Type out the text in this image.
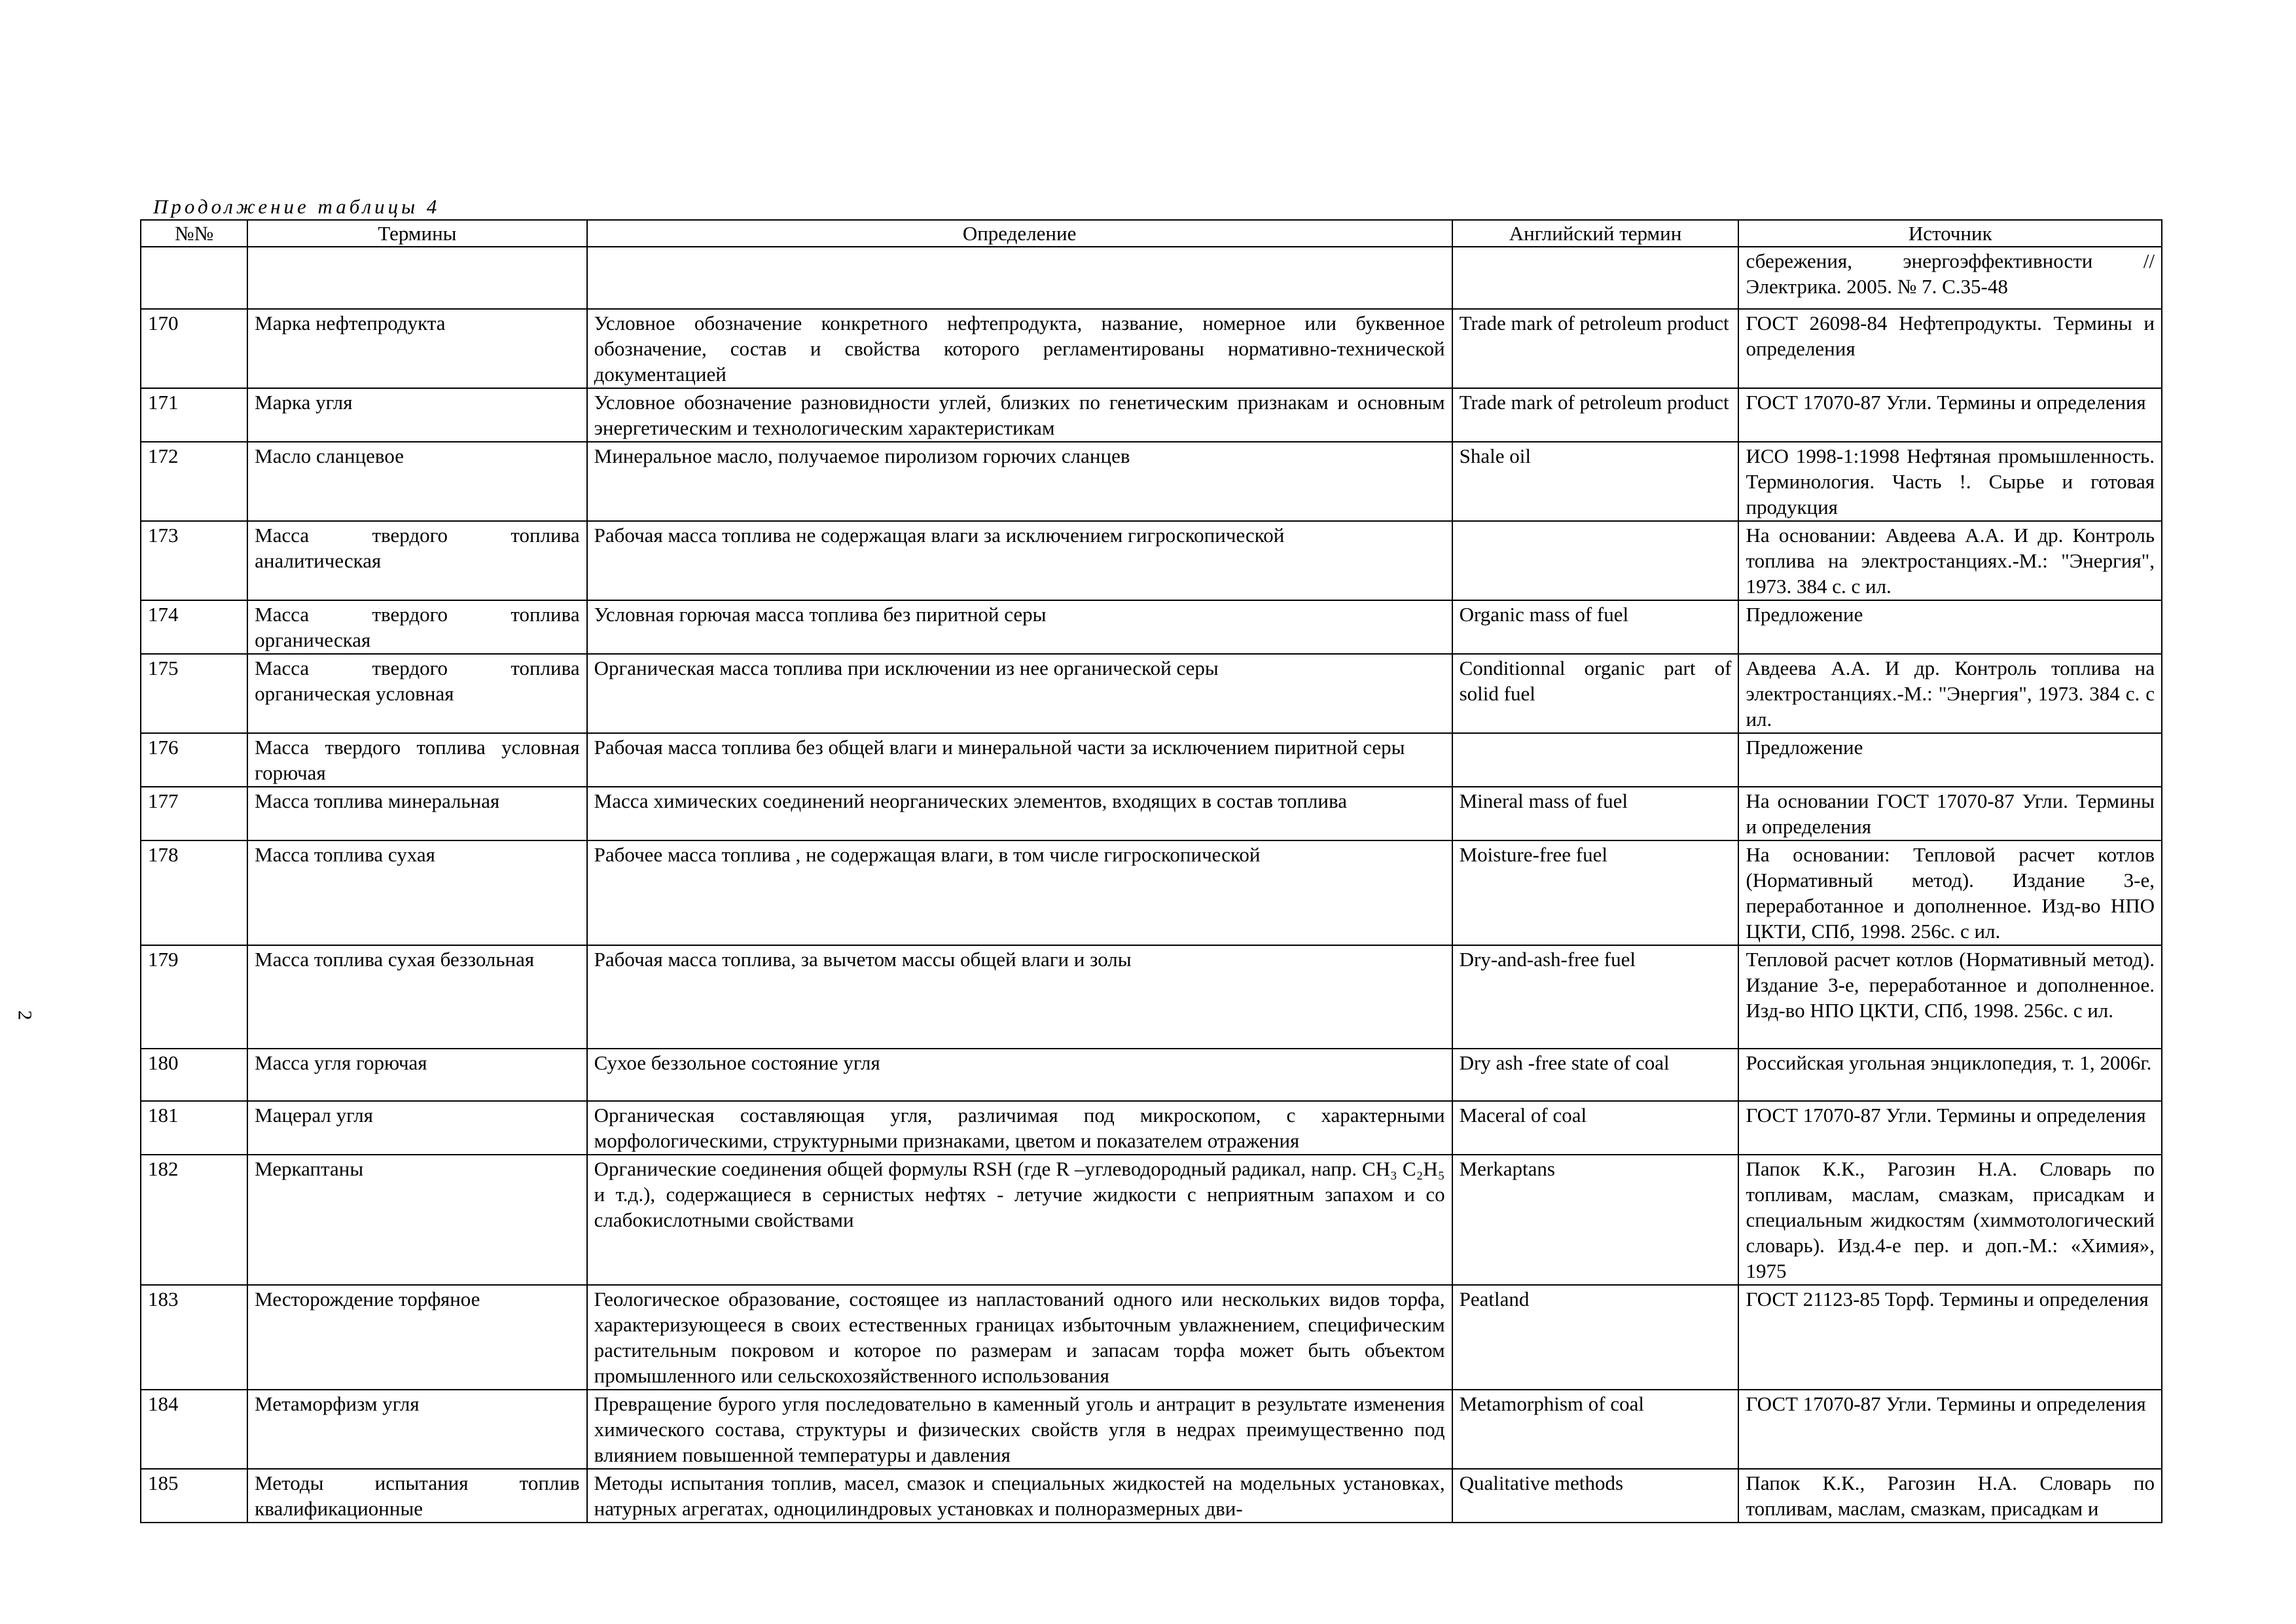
Продолжение таблицы 4
2
№№	Термины	Определение	Английский термин	Источник
				сбережения, энергоэффективности // Электрика. 2005. № 7. С.35-48
170	Марка нефтепродукта	Условное обозначение конкретного нефтепродукта, название, номерное или буквенное обозначение, состав и свойства которого регламентированы нормативно-технической документацией	Trade mark of petroleum product	ГОСТ 26098-84 Нефтепродукты. Термины и определения
171	Марка угля	Условное обозначение разновидности углей, близких по генетическим признакам и основным энергетическим и технологическим характеристикам	Trade mark of petroleum product	ГОСТ 17070-87 Угли. Термины и определения
172	Масло сланцевое	Минеральное масло, получаемое пиролизом горючих сланцев	Shale oil	ИСО 1998-1:1998 Нефтяная промышленность. Терминология. Часть !. Сырье и готовая продукция
173	Масса твердого топлива аналитическая	Рабочая масса топлива не содержащая влаги за исключением гигроскопической		На основании: Авдеева А.А. И др. Контроль топлива на электростанциях.-М.: "Энергия", 1973. 384 с. с ил.
174	Масса твердого топлива органическая	Условная горючая масса топлива без пиритной серы	Organic mass of fuel	Предложение
175	Масса твердого топлива органическая условная	Органическая масса топлива при исключении из нее органической серы	Conditionnal organic part of solid fuel	Авдеева А.А. И др. Контроль топлива на электростанциях.-М.: "Энергия", 1973. 384 с. с ил.
176	Масса твердого топлива условная горючая	Рабочая масса топлива без общей влаги и минеральной части за исключением пиритной серы		Предложение
177	Масса топлива минеральная	Масса химических соединений неорганических элементов, входящих в состав топлива	Mineral mass of fuel	На основании ГОСТ 17070-87 Угли. Термины и определения
178	Масса топлива сухая	Рабочее масса топлива , не содержащая влаги, в том числе гигроскопической	Moisture-free fuel	На основании: Тепловой расчет котлов (Нормативный метод). Издание 3-е, переработанное и дополненное. Изд-во НПО ЦКТИ, СПб, 1998. 256с. с ил.
179	Масса топлива сухая беззольная	Рабочая масса топлива, за вычетом массы общей влаги и золы	Dry-and-ash-free fuel	Тепловой расчет котлов (Нормативный метод). Издание 3-е, переработанное и дополненное. Изд-во НПО ЦКТИ, СПб, 1998. 256с. с ил.
180	Масса угля горючая	Сухое беззольное состояние угля	Dry ash -free state of coal	Российская угольная энциклопедия, т. 1, 2006г.
181	Мацерал угля	Органическая составляющая угля, различимая под микроскопом, с характерными морфологическими, структурными признаками, цветом и показателем отражения	Maceral of coal	ГОСТ 17070-87 Угли. Термины и определения
182	Меркаптаны	Органические соединения общей формулы RSH (где R –углеводородный радикал, напр. CH₃ C₂H₅ и т.д.), содержащиеся в сернистых нефтях - летучие жидкости с неприятным запахом и со слабокислотными свойствами	Merkaptans	Папок К.К., Рагозин Н.А. Словарь по топливам, маслам, смазкам, присадкам и специальным жидкостям (химмотологический словарь). Изд.4-е пер. и доп.-М.: «Химия», 1975
183	Месторождение торфяное	Геологическое образование, состоящее из напластований одного или нескольких видов торфа, характеризующееся в своих естественных границах избыточным увлажнением, специфическим растительным покровом и которое по размерам и запасам торфа может быть объектом промышленного или сельскохозяйственного использования	Peatland	ГОСТ 21123-85 Торф. Термины и определения
184	Метаморфизм угля	Превращение бурого угля последовательно в каменный уголь и антрацит в результате изменения химического состава, структуры и физических свойств угля в недрах преимущественно под влиянием повышенной температуры и давления	Metamorphism of coal	ГОСТ 17070-87 Угли. Термины и определения
185	Методы испытания топлив квалификационные	Методы испытания топлив, масел, смазок и специальных жидкостей на модельных установках, натурных агрегатах, одноцилиндровых установках и полноразмерных дви-	Qualitative methods	Папок К.К., Рагозин Н.А. Словарь по топливам, маслам, смазкам, присадкам и
